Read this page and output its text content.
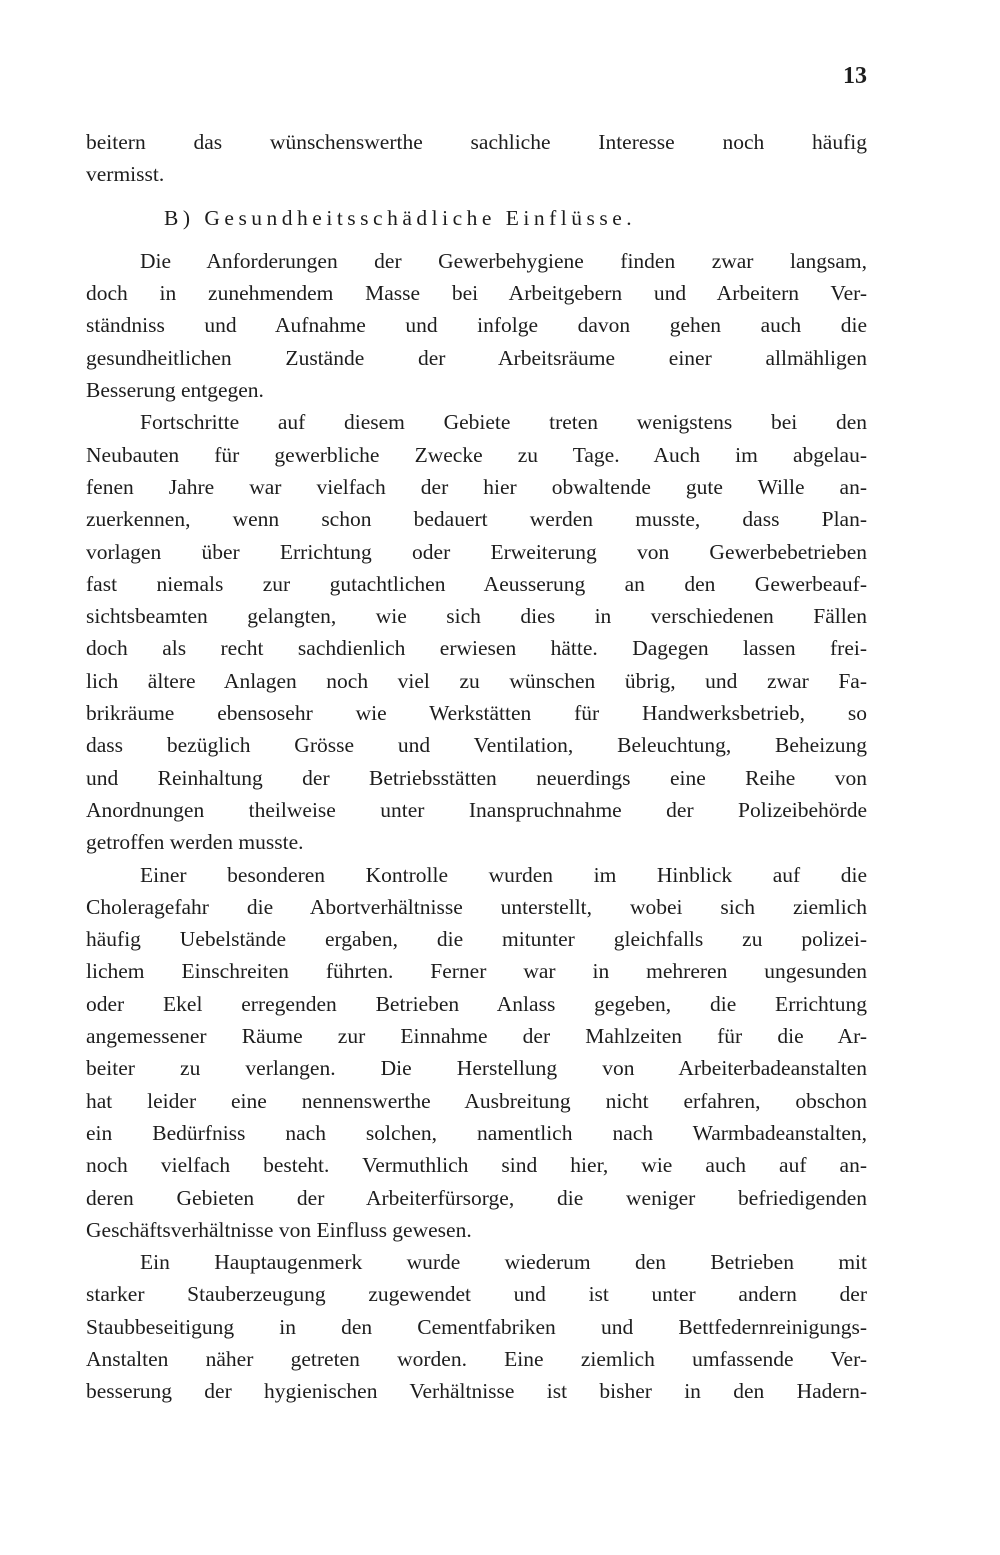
13
beitern das wünschenswerthe sachliche Interesse noch häufig
vermisst.
B) Gesundheitsschädliche Einflüsse.
Die Anforderungen der Gewerbehygiene finden zwar langsam,
doch in zunehmendem Masse bei Arbeitgebern und Arbeitern Ver-
ständniss und Aufnahme und infolge davon gehen auch die
gesundheitlichen Zustände der Arbeitsräume einer allmähligen
Besserung entgegen.
Fortschritte auf diesem Gebiete treten wenigstens bei den
Neubauten für gewerbliche Zwecke zu Tage. Auch im abgelau-
fenen Jahre war vielfach der hier obwaltende gute Wille an-
zuerkennen, wenn schon bedauert werden musste, dass Plan-
vorlagen über Errichtung oder Erweiterung von Gewerbebetrieben
fast niemals zur gutachtlichen Aeusserung an den Gewerbeauf-
sichtsbeamten gelangten, wie sich dies in verschiedenen Fällen
doch als recht sachdienlich erwiesen hätte. Dagegen lassen frei-
lich ältere Anlagen noch viel zu wünschen übrig, und zwar Fa-
brikräume ebensosehr wie Werkstätten für Handwerksbetrieb, so
dass bezüglich Grösse und Ventilation, Beleuchtung, Beheizung
und Reinhaltung der Betriebsstätten neuerdings eine Reihe von
Anordnungen theilweise unter Inanspruchnahme der Polizeibehörde
getroffen werden musste.
Einer besonderen Kontrolle wurden im Hinblick auf die
Choleragefahr die Abortverhältnisse unterstellt, wobei sich ziemlich
häufig Uebelstände ergaben, die mitunter gleichfalls zu polizei-
lichem Einschreiten führten. Ferner war in mehreren ungesunden
oder Ekel erregenden Betrieben Anlass gegeben, die Errichtung
angemessener Räume zur Einnahme der Mahlzeiten für die Ar-
beiter zu verlangen. Die Herstellung von Arbeiterbadeanstalten
hat leider eine nennenswerthe Ausbreitung nicht erfahren, obschon
ein Bedürfniss nach solchen, namentlich nach Warmbadeanstalten,
noch vielfach besteht. Vermuthlich sind hier, wie auch auf an-
deren Gebieten der Arbeiterfürsorge, die weniger befriedigenden
Geschäftsverhältnisse von Einfluss gewesen.
Ein Hauptaugenmerk wurde wiederum den Betrieben mit
starker Stauberzeugung zugewendet und ist unter andern der
Staubbeseitigung in den Cementfabriken und Bettfedernreinigungs-
Anstalten näher getreten worden. Eine ziemlich umfassende Ver-
besserung der hygienischen Verhältnisse ist bisher in den Hadern-
